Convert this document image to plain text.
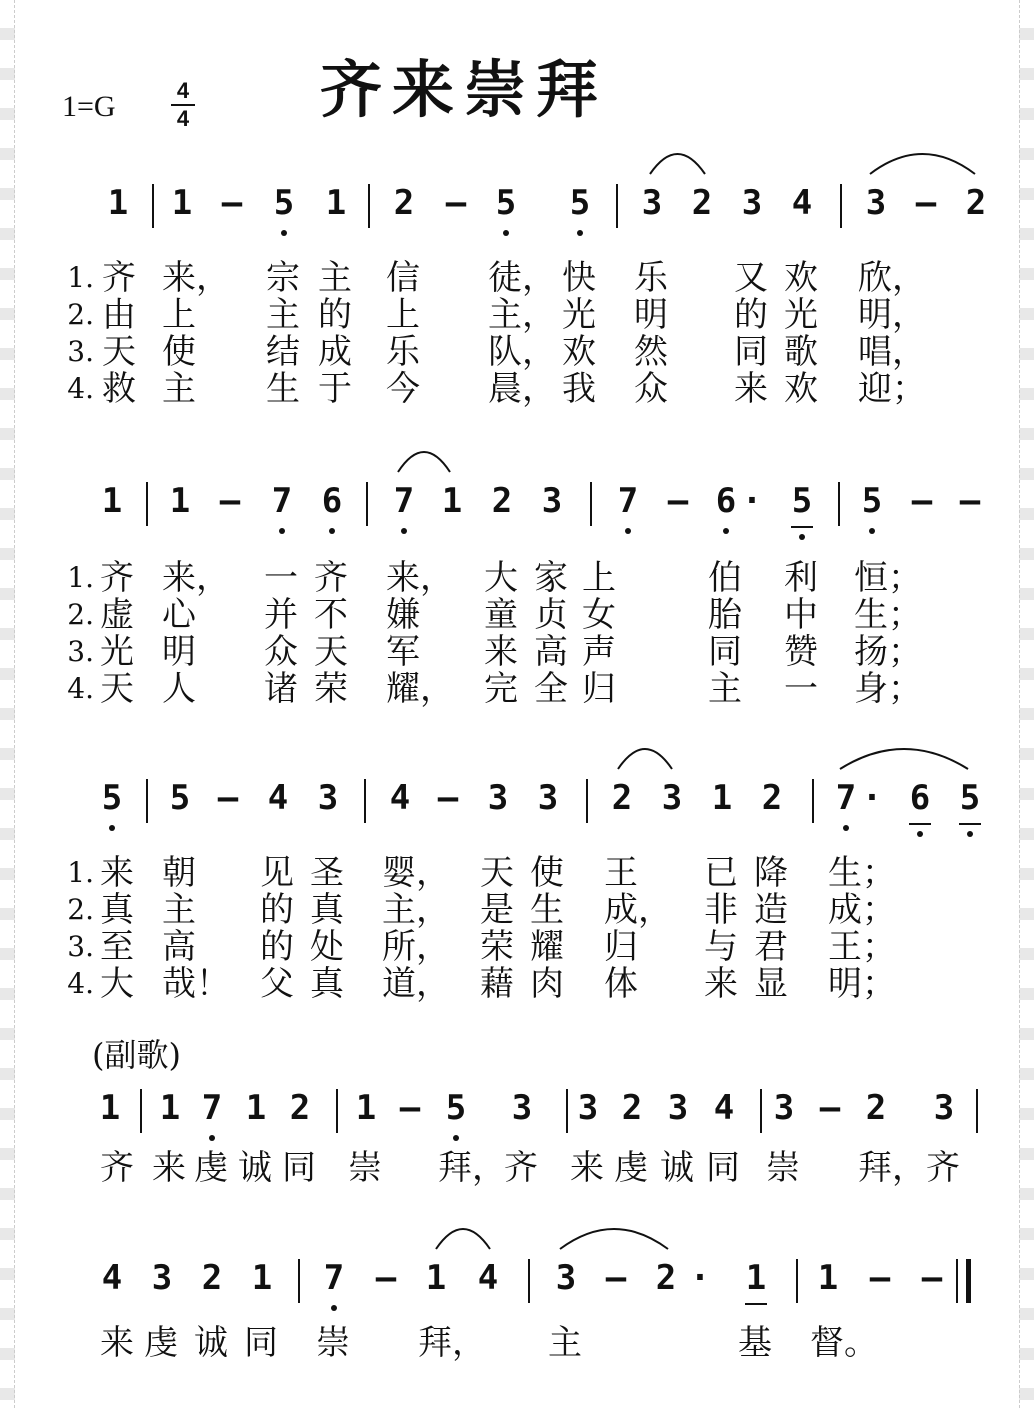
齐来崇拜
1=G	4
4
(副歌)
1 1 – 5 1 2 – 5 5 3 2 3 4 3 – 2
1 1 – 7 6 7 1 2 3 7 – 6 · 5 5 – –
5 5 – 4 3 4 – 3 3 2 3 1 2 7 · 6 5
1 1 7 1 2 1 – 5 3 3 2 3 4 3 – 2 3
4 3 2 1 7 – 1 4 3 – 2 · 1 1 – –
1. 齐 来，	宗 主	信	徒， 快	乐	又 欢	欣，
2. 由 上	主 的	上	主， 光	明	的 光	明，
3. 天 使	结 成	乐	队， 欢	然	同 歌	唱，
4. 救 主	生 于	今	晨， 我	众	来 欢	迎；
1. 齐 来，	一 齐	来， 大 家 上	伯	利	恒；
2. 虚 心	并 不	嫌	童 贞 女	胎	中	生；
3. 光 明	众 天	军	来 高 声	同	赞	扬；
4. 天 人	诸 荣	耀， 完 全 归	主	一	身；
1. 来 朝	见 圣	婴， 天 使	王	已 降	生；
2. 真 主	的 真	主， 是 生	成， 非 造	成；
3. 至 高	的 处	所， 荣 耀	归	与 君	王；
4. 大 哉！ 父 真	道， 藉 肉	体	来 显	明；
齐 来 虔 诚 同 崇	拜，
齐 来 虔 诚 同 崇	拜， 齐
来 虔 诚 同	崇	拜，	主	基	督。
